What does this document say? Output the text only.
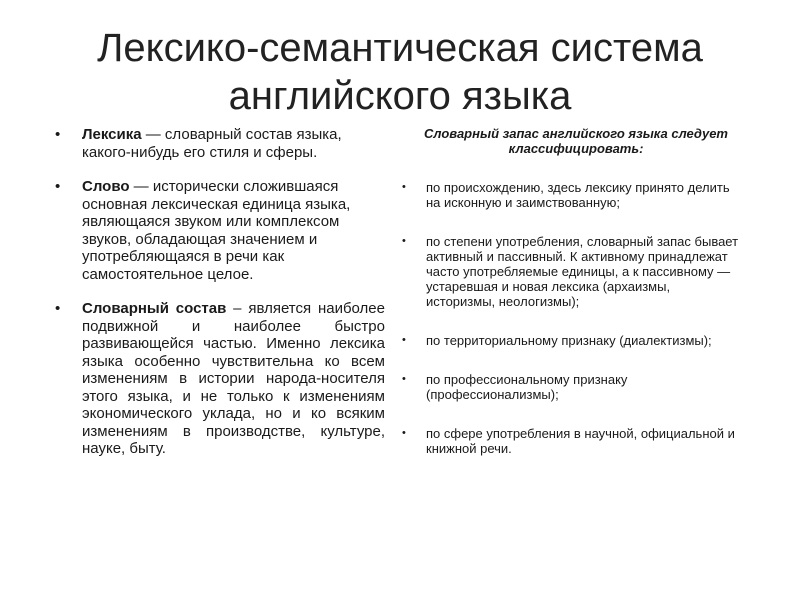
Лексико-семантическая система
английского языка
•	Лексика — словарный состав языка, какого-нибудь его стиля и сферы.
•	Слово — исторически сложившаяся основная лексическая единица языка, являющаяся звуком или комплексом звуков, обладающая значением и употребляющаяся в речи как самостоятельное целое.
•	Словарный состав – является наиболее подвижной и наиболее быстро развивающейся частью. Именно лексика языка особенно чувствительна ко всем изменениям в истории народа-носителя этого языка, и не только к изменениям экономического уклада, но и ко всяким изменениям в производстве, культуре, науке, быту.
Словарный запас английского языка следует классифицировать:
•	по происхождению, здесь лексику принято делить на исконную и заимствованную;
•	по степени употребления, словарный запас бывает активный и пассивный. К активному принадлежат часто употребляемые единицы, а к пассивному — устаревшая и новая лексика (архаизмы, историзмы, неологизмы);
•	по территориальному признаку (диалектизмы);
•	по профессиональному признаку (профессионализмы);
•	по сфере употребления в научной, официальной и книжной речи.
